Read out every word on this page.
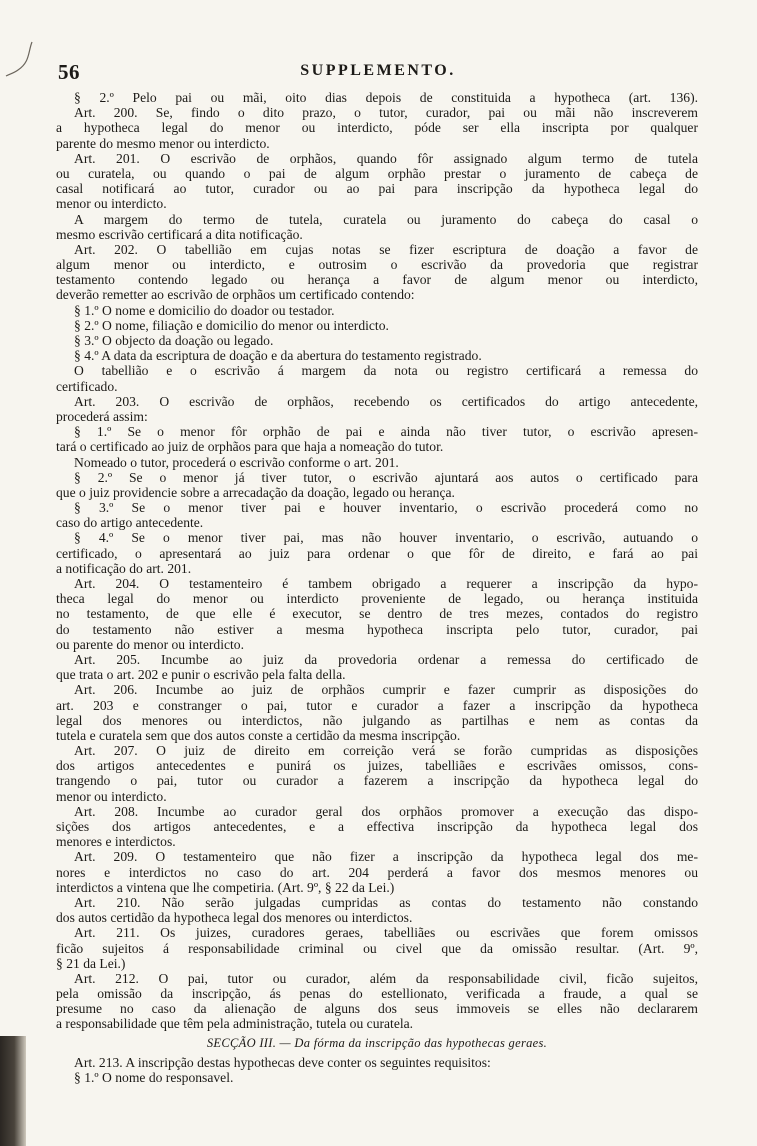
56	SUPPLEMENTO.
§ 2.º Pelo pai ou mãi, oito dias depois de constituida a hypotheca (art. 136).
Art. 200. Se, findo o dito prazo, o tutor, curador, pai ou mãi não inscreverem
a hypotheca legal do menor ou interdicto, póde ser ella inscripta por qualquer
parente do mesmo menor ou interdicto.
Art. 201. O escrivão de orphãos, quando fôr assignado algum termo de tutela
ou curatela, ou quando o pai de algum orphão prestar o juramento de cabeça de
casal notificará ao tutor, curador ou ao pai para inscripção da hypotheca legal do
menor ou interdicto.
A margem do termo de tutela, curatela ou juramento do cabeça do casal o
mesmo escrivão certificará a dita notificação.
Art. 202. O tabellião em cujas notas se fizer escriptura de doação a favor de
algum menor ou interdicto, e outrosim o escrivão da provedoria que registrar
testamento contendo legado ou herança a favor de algum menor ou interdicto,
deverão remetter ao escrivão de orphãos um certificado contendo:
§ 1.º O nome e domicilio do doador ou testador.
§ 2.º O nome, filiação e domicilio do menor ou interdicto.
§ 3.º O objecto da doação ou legado.
§ 4.º A data da escriptura de doação e da abertura do testamento registrado.
O tabellião e o escrivão á margem da nota ou registro certificará a remessa do
certificado.
Art. 203. O escrivão de orphãos, recebendo os certificados do artigo antecedente,
procederá assim:
§ 1.º Se o menor fôr orphão de pai e ainda não tiver tutor, o escrivão apresen-
tará o certificado ao juiz de orphãos para que haja a nomeação do tutor.
Nomeado o tutor, procederá o escrivão conforme o art. 201.
§ 2.º Se o menor já tiver tutor, o escrivão ajuntará aos autos o certificado para
que o juiz providencie sobre a arrecadação da doação, legado ou herança.
§ 3.º Se o menor tiver pai e houver inventario, o escrivão procederá como no
caso do artigo antecedente.
§ 4.º Se o menor tiver pai, mas não houver inventario, o escrivão, autuando o
certificado, o apresentará ao juiz para ordenar o que fôr de direito, e fará ao pai
a notificação do art. 201.
Art. 204. O testamenteiro é tambem obrigado a requerer a inscripção da hypo-
theca legal do menor ou interdicto proveniente de legado, ou herança instituida
no testamento, de que elle é executor, se dentro de tres mezes, contados do registro
do testamento não estiver a mesma hypotheca inscripta pelo tutor, curador, pai
ou parente do menor ou interdicto.
Art. 205. Incumbe ao juiz da provedoria ordenar a remessa do certificado de
que trata o art. 202 e punir o escrivão pela falta della.
Art. 206. Incumbe ao juiz de orphãos cumprir e fazer cumprir as disposições do
art. 203 e constranger o pai, tutor e curador a fazer a inscripção da hypotheca
legal dos menores ou interdictos, não julgando as partilhas e nem as contas da
tutela e curatela sem que dos autos conste a certidão da mesma inscripção.
Art. 207. O juiz de direito em correição verá se forão cumpridas as disposições
dos artigos antecedentes e punirá os juizes, tabelliães e escrivães omissos, cons-
trangendo o pai, tutor ou curador a fazerem a inscripção da hypotheca legal do
menor ou interdicto.
Art. 208. Incumbe ao curador geral dos orphãos promover a execução das dispo-
sições dos artigos antecedentes, e a effectiva inscripção da hypotheca legal dos
menores e interdictos.
Art. 209. O testamenteiro que não fizer a inscripção da hypotheca legal dos me-
nores e interdictos no caso do art. 204 perderá a favor dos mesmos menores ou
interdictos a vintena que lhe competiria. (Art. 9º, § 22 da Lei.)
Art. 210. Não serão julgadas cumpridas as contas do testamento não constando
dos autos certidão da hypotheca legal dos menores ou interdictos.
Art. 211. Os juizes, curadores geraes, tabelliães ou escrivães que forem omissos
ficão sujeitos á responsabilidade criminal ou civel que da omissão resultar. (Art. 9º,
§ 21 da Lei.)
Art. 212. O pai, tutor ou curador, além da responsabilidade civil, ficão sujeitos,
pela omissão da inscripção, ás penas do estellionato, verificada a fraude, a qual se
presume no caso da alienação de alguns dos seus immoveis se elles não declararem
a responsabilidade que têm pela administração, tutela ou curatela.
SECÇÃO III. — Da fórma da inscripção das hypothecas geraes.
Art. 213. A inscripção destas hypothecas deve conter os seguintes requisitos:
§ 1.º O nome do responsavel.
